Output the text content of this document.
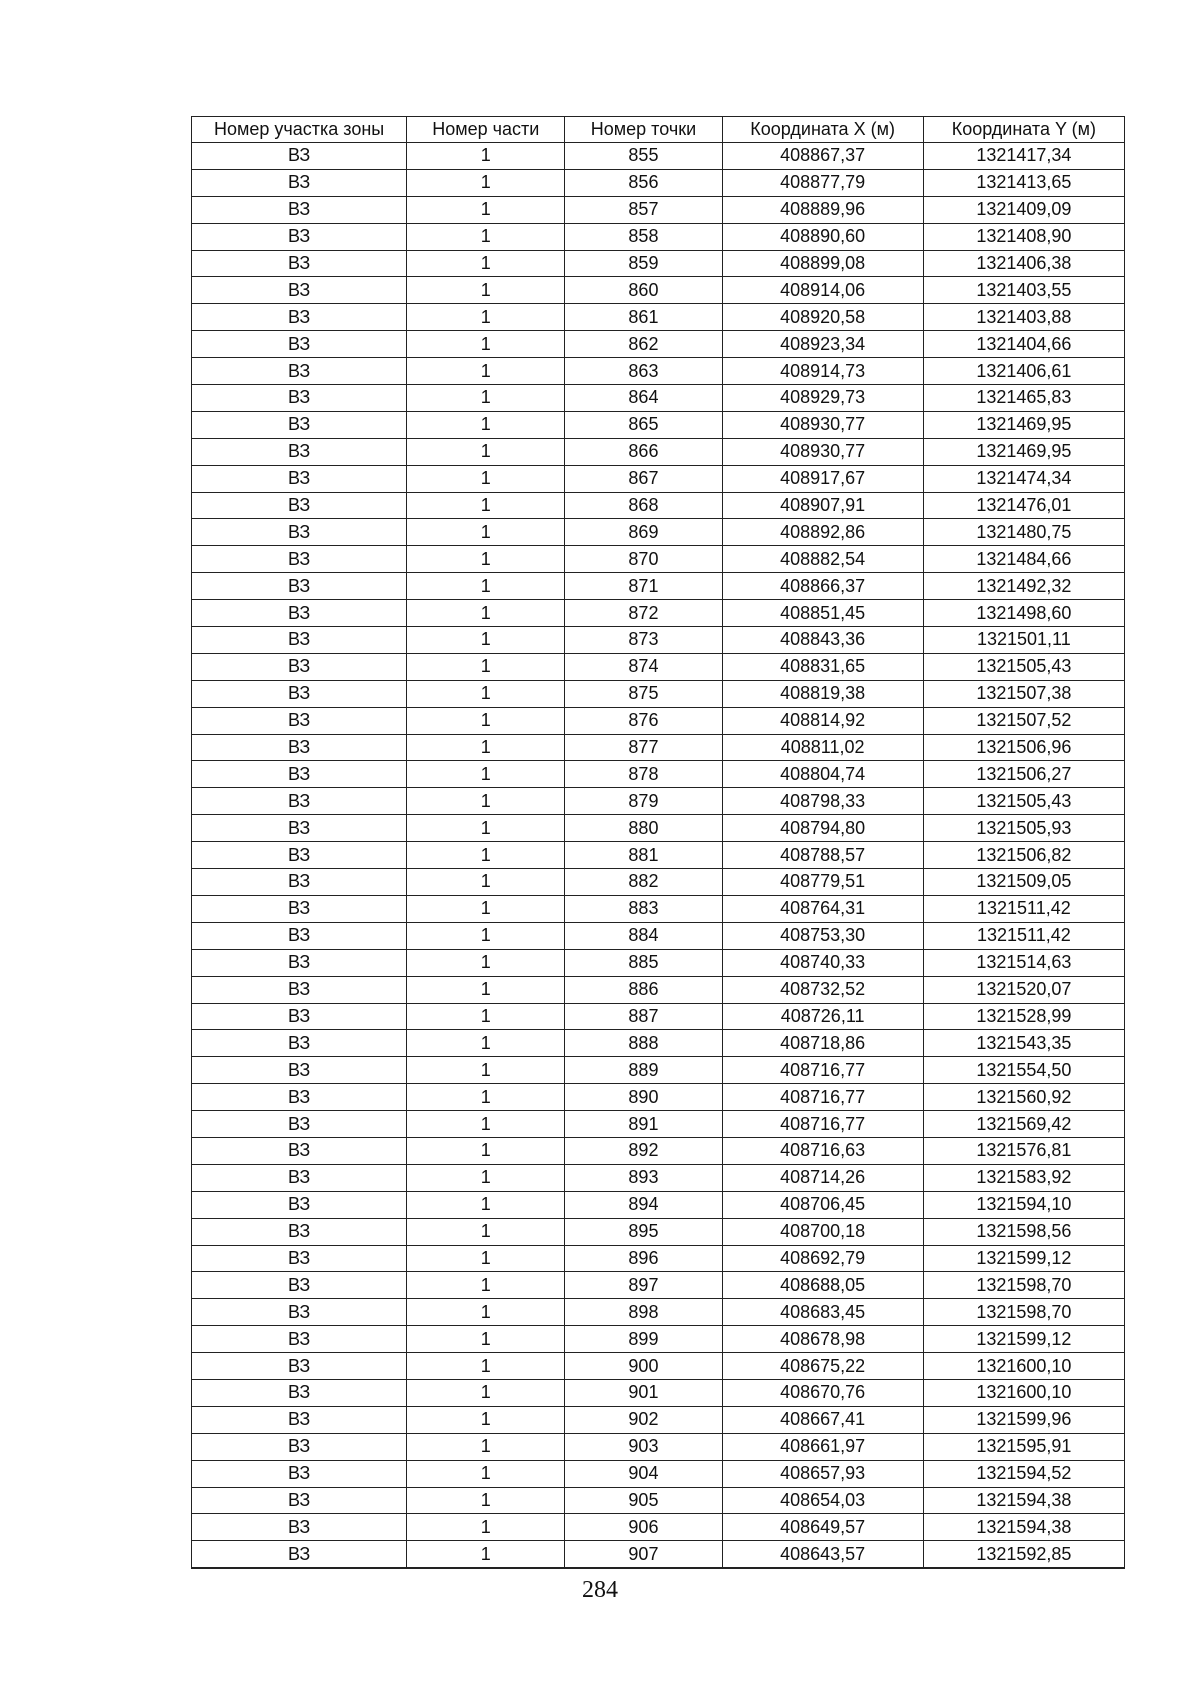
Номер участка зоны	Номер части	Номер точки	Координата X (м)	Координата Y (м)
ВЗ	1	855	408867,37	1321417,34
ВЗ	1	856	408877,79	1321413,65
ВЗ	1	857	408889,96	1321409,09
ВЗ	1	858	408890,60	1321408,90
ВЗ	1	859	408899,08	1321406,38
ВЗ	1	860	408914,06	1321403,55
ВЗ	1	861	408920,58	1321403,88
ВЗ	1	862	408923,34	1321404,66
ВЗ	1	863	408914,73	1321406,61
ВЗ	1	864	408929,73	1321465,83
ВЗ	1	865	408930,77	1321469,95
ВЗ	1	866	408930,77	1321469,95
ВЗ	1	867	408917,67	1321474,34
ВЗ	1	868	408907,91	1321476,01
ВЗ	1	869	408892,86	1321480,75
ВЗ	1	870	408882,54	1321484,66
ВЗ	1	871	408866,37	1321492,32
ВЗ	1	872	408851,45	1321498,60
ВЗ	1	873	408843,36	1321501,11
ВЗ	1	874	408831,65	1321505,43
ВЗ	1	875	408819,38	1321507,38
ВЗ	1	876	408814,92	1321507,52
ВЗ	1	877	408811,02	1321506,96
ВЗ	1	878	408804,74	1321506,27
ВЗ	1	879	408798,33	1321505,43
ВЗ	1	880	408794,80	1321505,93
ВЗ	1	881	408788,57	1321506,82
ВЗ	1	882	408779,51	1321509,05
ВЗ	1	883	408764,31	1321511,42
ВЗ	1	884	408753,30	1321511,42
ВЗ	1	885	408740,33	1321514,63
ВЗ	1	886	408732,52	1321520,07
ВЗ	1	887	408726,11	1321528,99
ВЗ	1	888	408718,86	1321543,35
ВЗ	1	889	408716,77	1321554,50
ВЗ	1	890	408716,77	1321560,92
ВЗ	1	891	408716,77	1321569,42
ВЗ	1	892	408716,63	1321576,81
ВЗ	1	893	408714,26	1321583,92
ВЗ	1	894	408706,45	1321594,10
ВЗ	1	895	408700,18	1321598,56
ВЗ	1	896	408692,79	1321599,12
ВЗ	1	897	408688,05	1321598,70
ВЗ	1	898	408683,45	1321598,70
ВЗ	1	899	408678,98	1321599,12
ВЗ	1	900	408675,22	1321600,10
ВЗ	1	901	408670,76	1321600,10
ВЗ	1	902	408667,41	1321599,96
ВЗ	1	903	408661,97	1321595,91
ВЗ	1	904	408657,93	1321594,52
ВЗ	1	905	408654,03	1321594,38
ВЗ	1	906	408649,57	1321594,38
ВЗ	1	907	408643,57	1321592,85
284
